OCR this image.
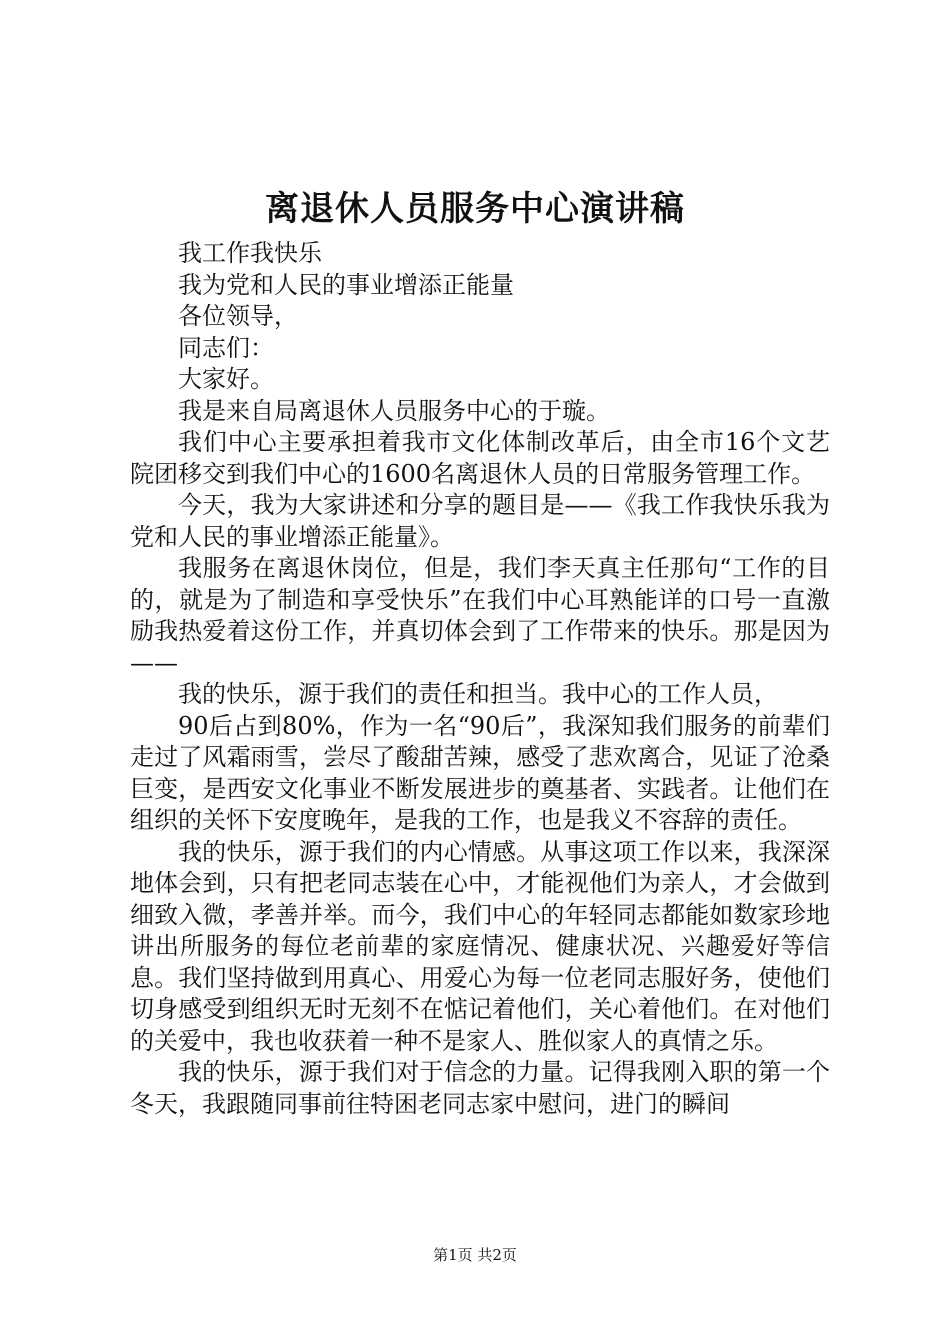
离退休人员服务中心演讲稿

我工作我快乐

我为党和人民的事业增添正能量

各位领导，

同志们：

大家好。

我是来自局离退休人员服务中心的于璇。

我们中心主要承担着我市文化体制改革后，由全市16个文艺院团移交到我们中心的1600名离退休人员的日常服务管理工作。

今天，我为大家讲述和分享的题目是——《我工作我快乐我为党和人民的事业增添正能量》。

我服务在离退休岗位，但是，我们李天真主任那句“工作的目的，就是为了制造和享受快乐”在我们中心耳熟能详的口号一直激励我热爱着这份工作，并真切体会到了工作带来的快乐。那是因为——

我的快乐，源于我们的责任和担当。我中心的工作人员，

90后占到80%，作为一名“90后”，我深知我们服务的前辈们走过了风霜雨雪，尝尽了酸甜苦辣，感受了悲欢离合，见证了沧桑巨变，是西安文化事业不断发展进步的奠基者、实践者。让他们在组织的关怀下安度晚年，是我的工作，也是我义不容辞的责任。

我的快乐，源于我们的内心情感。从事这项工作以来，我深深地体会到，只有把老同志装在心中，才能视他们为亲人，才会做到细致入微，孝善并举。而今，我们中心的年轻同志都能如数家珍地讲出所服务的每位老前辈的家庭情况、健康状况、兴趣爱好等信息。我们坚持做到用真心、用爱心为每一位老同志服好务，使他们切身感受到组织无时无刻不在惦记着他们，关心着他们。在对他们的关爱中，我也收获着一种不是家人、胜似家人的真情之乐。

我的快乐，源于我们对于信念的力量。记得我刚入职的第一个冬天，我跟随同事前往特困老同志家中慰问，进门的瞬间

第1页 共2页
